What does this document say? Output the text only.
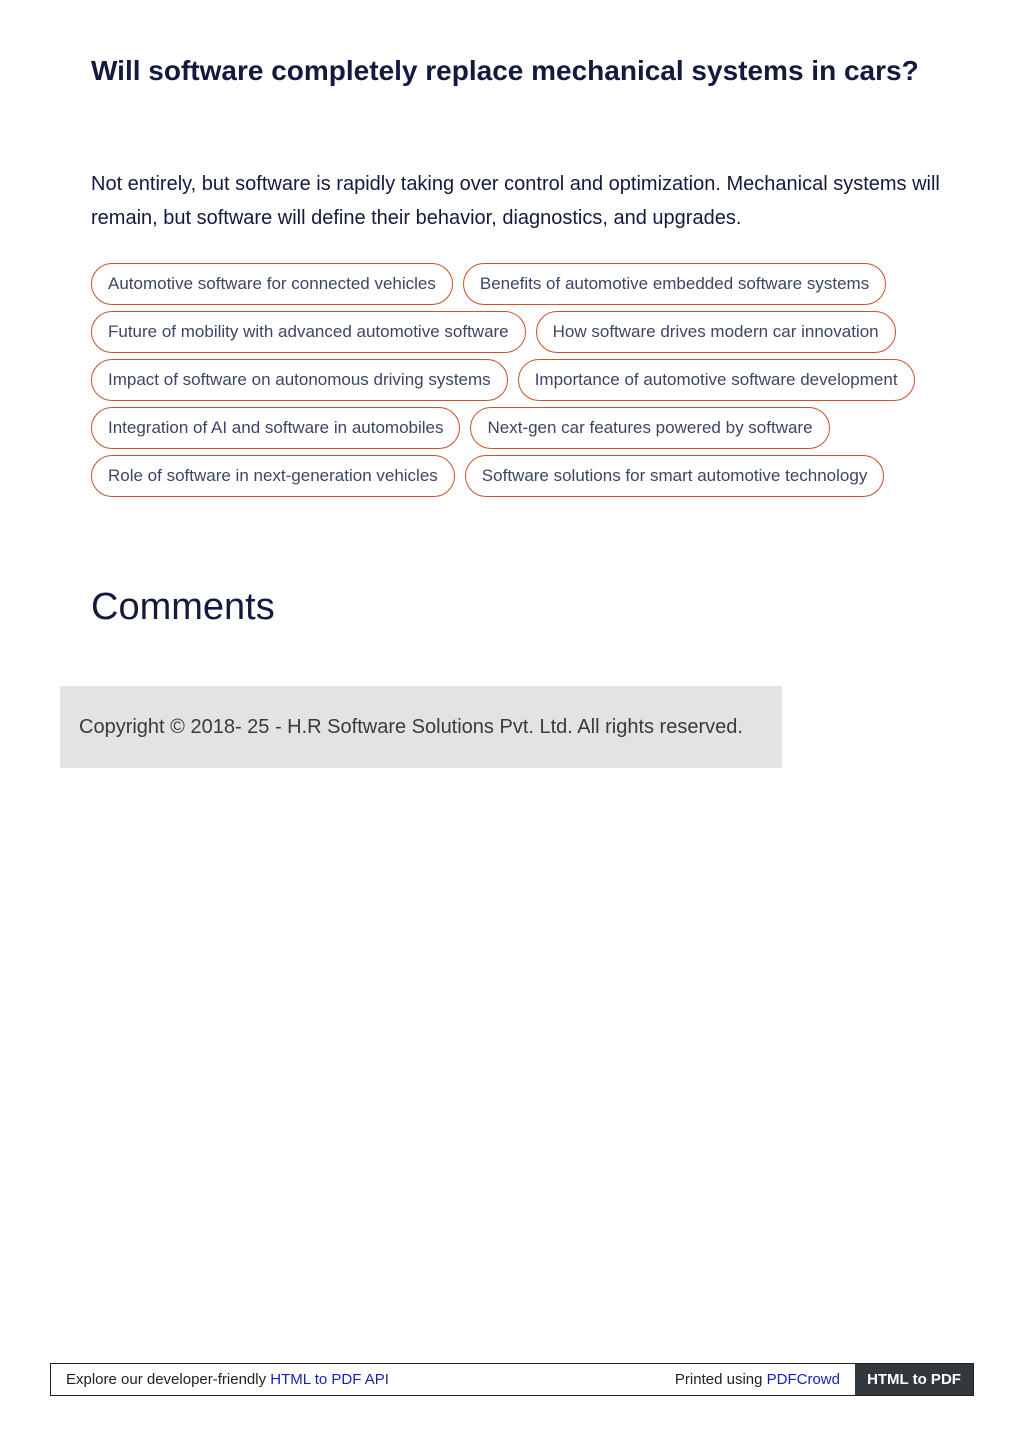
Will software completely replace mechanical systems in cars?

Not entirely, but software is rapidly taking over control and optimization. Mechanical systems will remain, but software will define their behavior, diagnostics, and upgrades.

Automotive software for connected vehicles	Benefits of automotive embedded software systems
Future of mobility with advanced automotive software	How software drives modern car innovation
Impact of software on autonomous driving systems	Importance of automotive software development
Integration of AI and software in automobiles	Next-gen car features powered by software
Role of software in next-generation vehicles	Software solutions for smart automotive technology
Comments
Copyright © 2018- 25 - H.R Software Solutions Pvt. Ltd. All rights reserved.
Explore our developer-friendly HTML to PDF API	Printed using PDFCrowd	HTML to PDF
